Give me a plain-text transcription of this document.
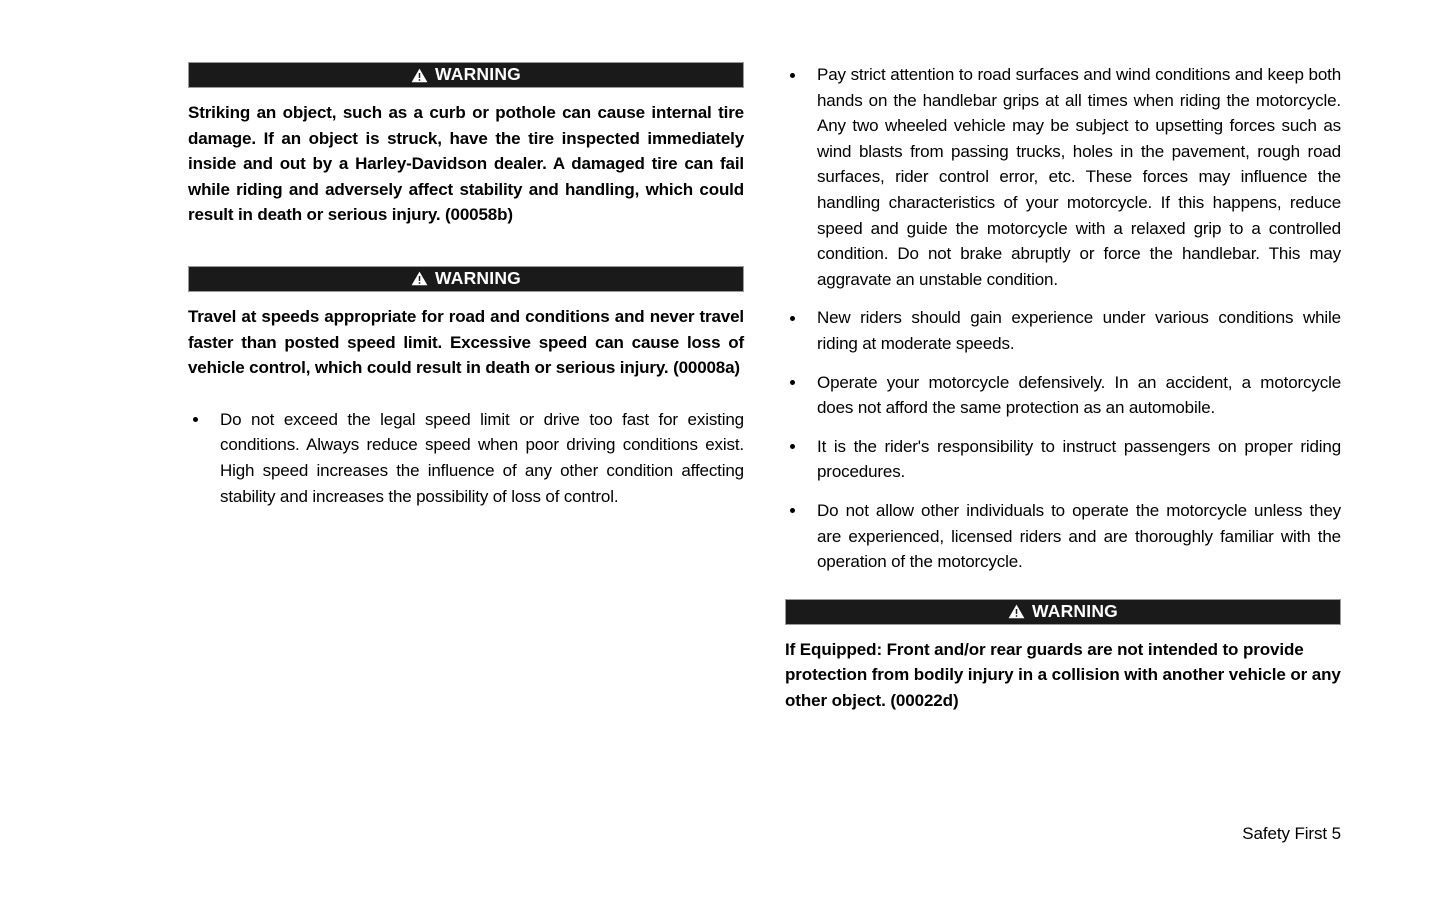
WARNING

Striking an object, such as a curb or pothole can cause internal tire damage. If an object is struck, have the tire inspected immediately inside and out by a Harley-Davidson dealer. A damaged tire can fail while riding and adversely affect stability and handling, which could result in death or serious injury. (00058b)

WARNING

Travel at speeds appropriate for road and conditions and never travel faster than posted speed limit. Excessive speed can cause loss of vehicle control, which could result in death or serious injury. (00008a)

Do not exceed the legal speed limit or drive too fast for existing conditions. Always reduce speed when poor driving conditions exist. High speed increases the influence of any other condition affecting stability and increases the possibility of loss of control.
Pay strict attention to road surfaces and wind conditions and keep both hands on the handlebar grips at all times when riding the motorcycle. Any two wheeled vehicle may be subject to upsetting forces such as wind blasts from passing trucks, holes in the pavement, rough road surfaces, rider control error, etc. These forces may influence the handling characteristics of your motorcycle. If this happens, reduce speed and guide the motorcycle with a relaxed grip to a controlled condition. Do not brake abruptly or force the handlebar. This may aggravate an unstable condition.
New riders should gain experience under various conditions while riding at moderate speeds.
Operate your motorcycle defensively. In an accident, a motorcycle does not afford the same protection as an automobile.
It is the rider's responsibility to instruct passengers on proper riding procedures.
Do not allow other individuals to operate the motorcycle unless they are experienced, licensed riders and are thoroughly familiar with the operation of the motorcycle.
WARNING

If Equipped: Front and/or rear guards are not intended to provide protection from bodily injury in a collision with another vehicle or any other object. (00022d)

Safety First 5
